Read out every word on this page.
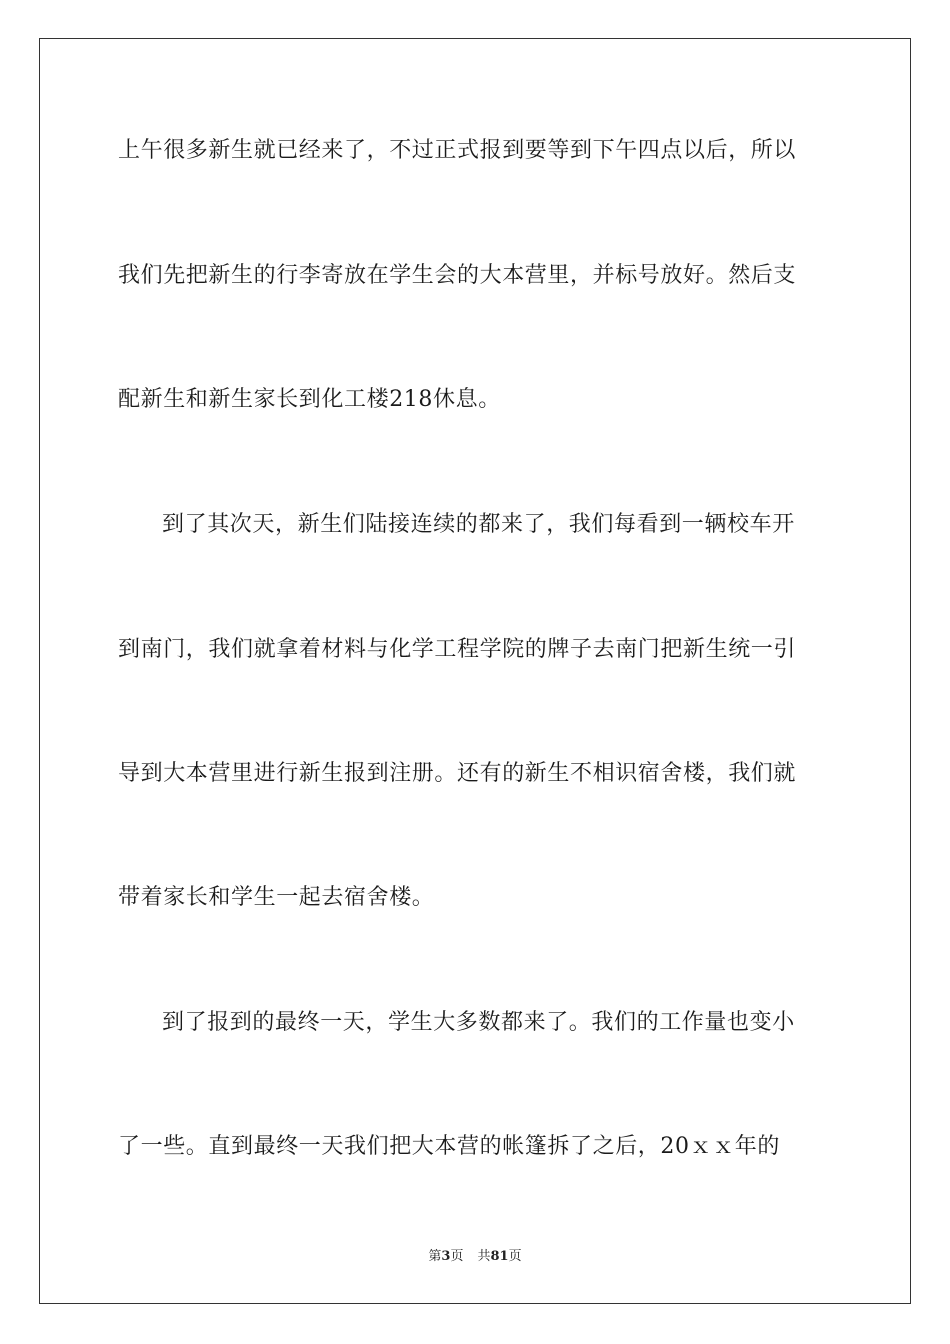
上午很多新生就已经来了，不过正式报到要等到下午四点以后，所以
我们先把新生的行李寄放在学生会的大本营里，并标号放好。然后支
配新生和新生家长到化工楼218休息。
到了其次天，新生们陆接连续的都来了，我们每看到一辆校车开
到南门，我们就拿着材料与化学工程学院的牌子去南门把新生统一引
导到大本营里进行新生报到注册。还有的新生不相识宿舍楼，我们就
带着家长和学生一起去宿舍楼。
到了报到的最终一天，学生大多数都来了。我们的工作量也变小
了一些。直到最终一天我们把大本营的帐篷拆了之后，20ｘｘ年的
第3页 共81页
